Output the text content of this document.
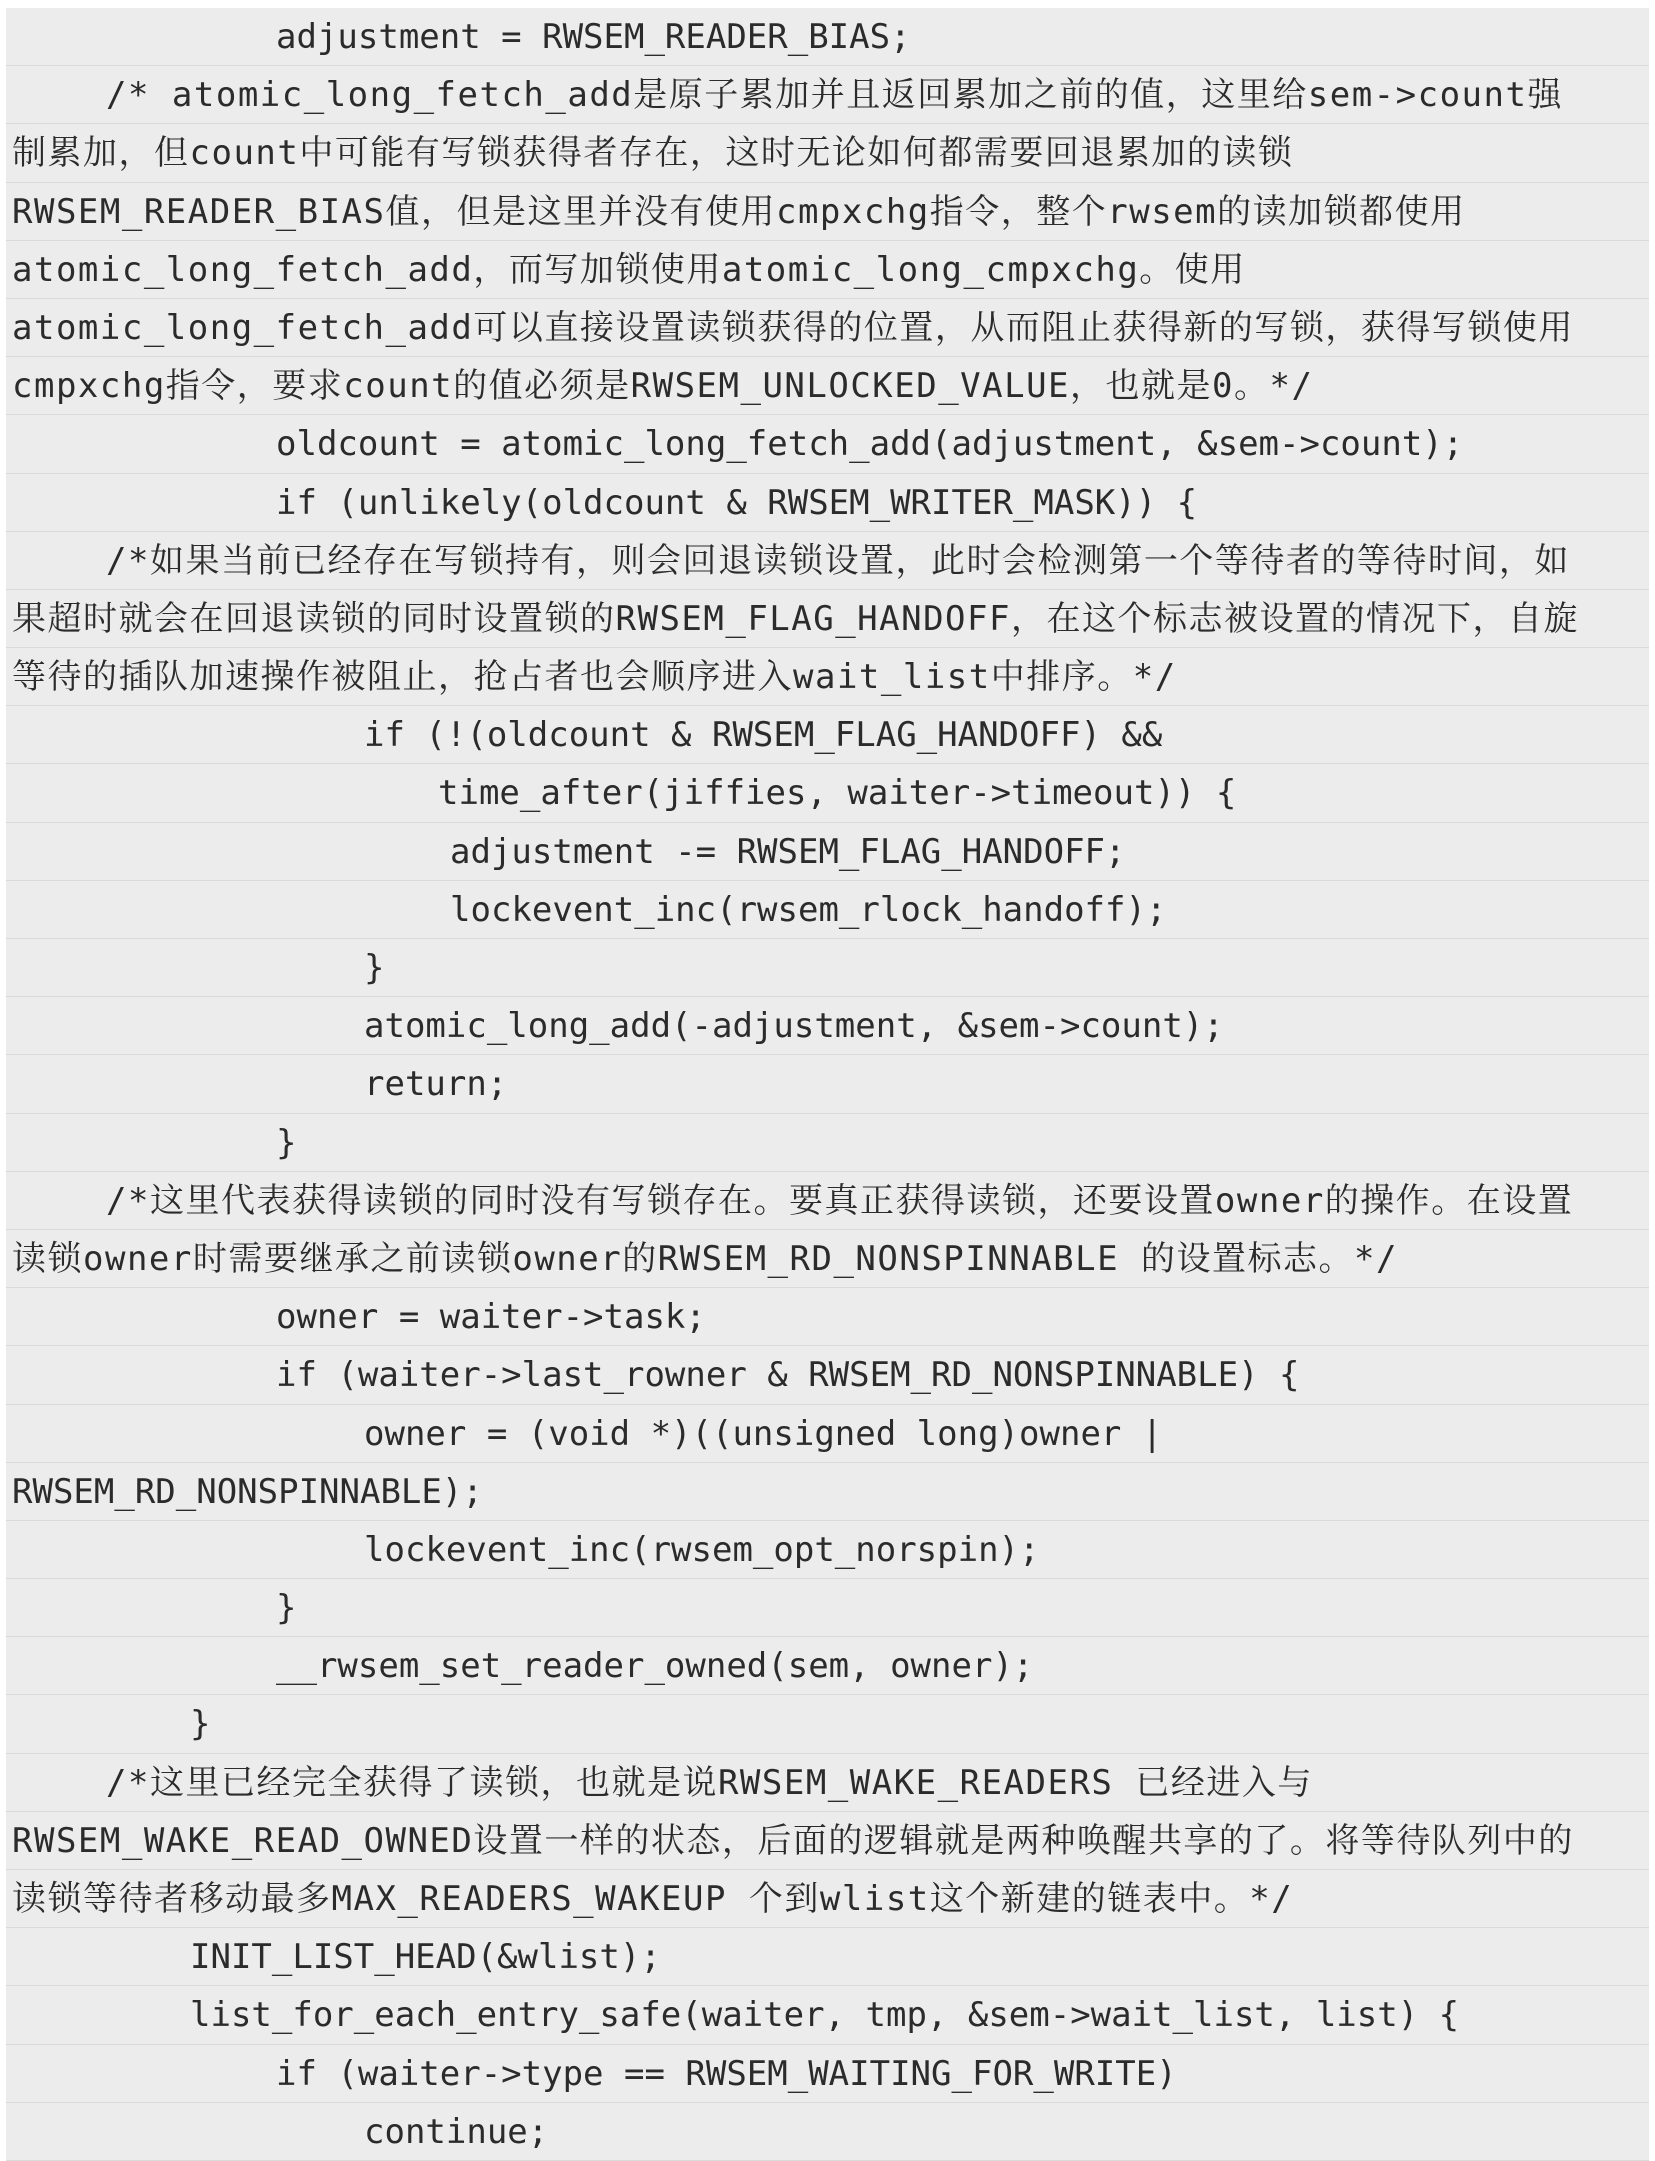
adjustment = RWSEM_READER_BIAS;
/* atomic_long_fetch_add是原子累加并且返回累加之前的值，这里给sem->count强
制累加，但count中可能有写锁获得者存在，这时无论如何都需要回退累加的读锁
RWSEM_READER_BIAS值，但是这里并没有使用cmpxchg指令，整个rwsem的读加锁都使用
atomic_long_fetch_add，而写加锁使用atomic_long_cmpxchg。使用
atomic_long_fetch_add可以直接设置读锁获得的位置，从而阻止获得新的写锁，获得写锁使用
cmpxchg指令，要求count的值必须是RWSEM_UNLOCKED_VALUE，也就是0。*/
oldcount = atomic_long_fetch_add(adjustment, &sem->count);
if (unlikely(oldcount & RWSEM_WRITER_MASK)) {
/*如果当前已经存在写锁持有，则会回退读锁设置，此时会检测第一个等待者的等待时间，如
果超时就会在回退读锁的同时设置锁的RWSEM_FLAG_HANDOFF，在这个标志被设置的情况下，自旋
等待的插队加速操作被阻止，抢占者也会顺序进入wait_list中排序。*/
if (!(oldcount & RWSEM_FLAG_HANDOFF) &&
time_after(jiffies, waiter->timeout)) {
adjustment -= RWSEM_FLAG_HANDOFF;
lockevent_inc(rwsem_rlock_handoff);
}
atomic_long_add(-adjustment, &sem->count);
return;
}
/*这里代表获得读锁的同时没有写锁存在。要真正获得读锁，还要设置owner的操作。在设置
读锁owner时需要继承之前读锁owner的RWSEM_RD_NONSPINNABLE 的设置标志。*/
owner = waiter->task;
if (waiter->last_rowner & RWSEM_RD_NONSPINNABLE) {
owner = (void *)((unsigned long)owner |
RWSEM_RD_NONSPINNABLE);
lockevent_inc(rwsem_opt_norspin);
}
__rwsem_set_reader_owned(sem, owner);
}
/*这里已经完全获得了读锁，也就是说RWSEM_WAKE_READERS 已经进入与
RWSEM_WAKE_READ_OWNED设置一样的状态，后面的逻辑就是两种唤醒共享的了。将等待队列中的
读锁等待者移动最多MAX_READERS_WAKEUP 个到wlist这个新建的链表中。*/
INIT_LIST_HEAD(&wlist);
list_for_each_entry_safe(waiter, tmp, &sem->wait_list, list) {
if (waiter->type == RWSEM_WAITING_FOR_WRITE)
continue;
